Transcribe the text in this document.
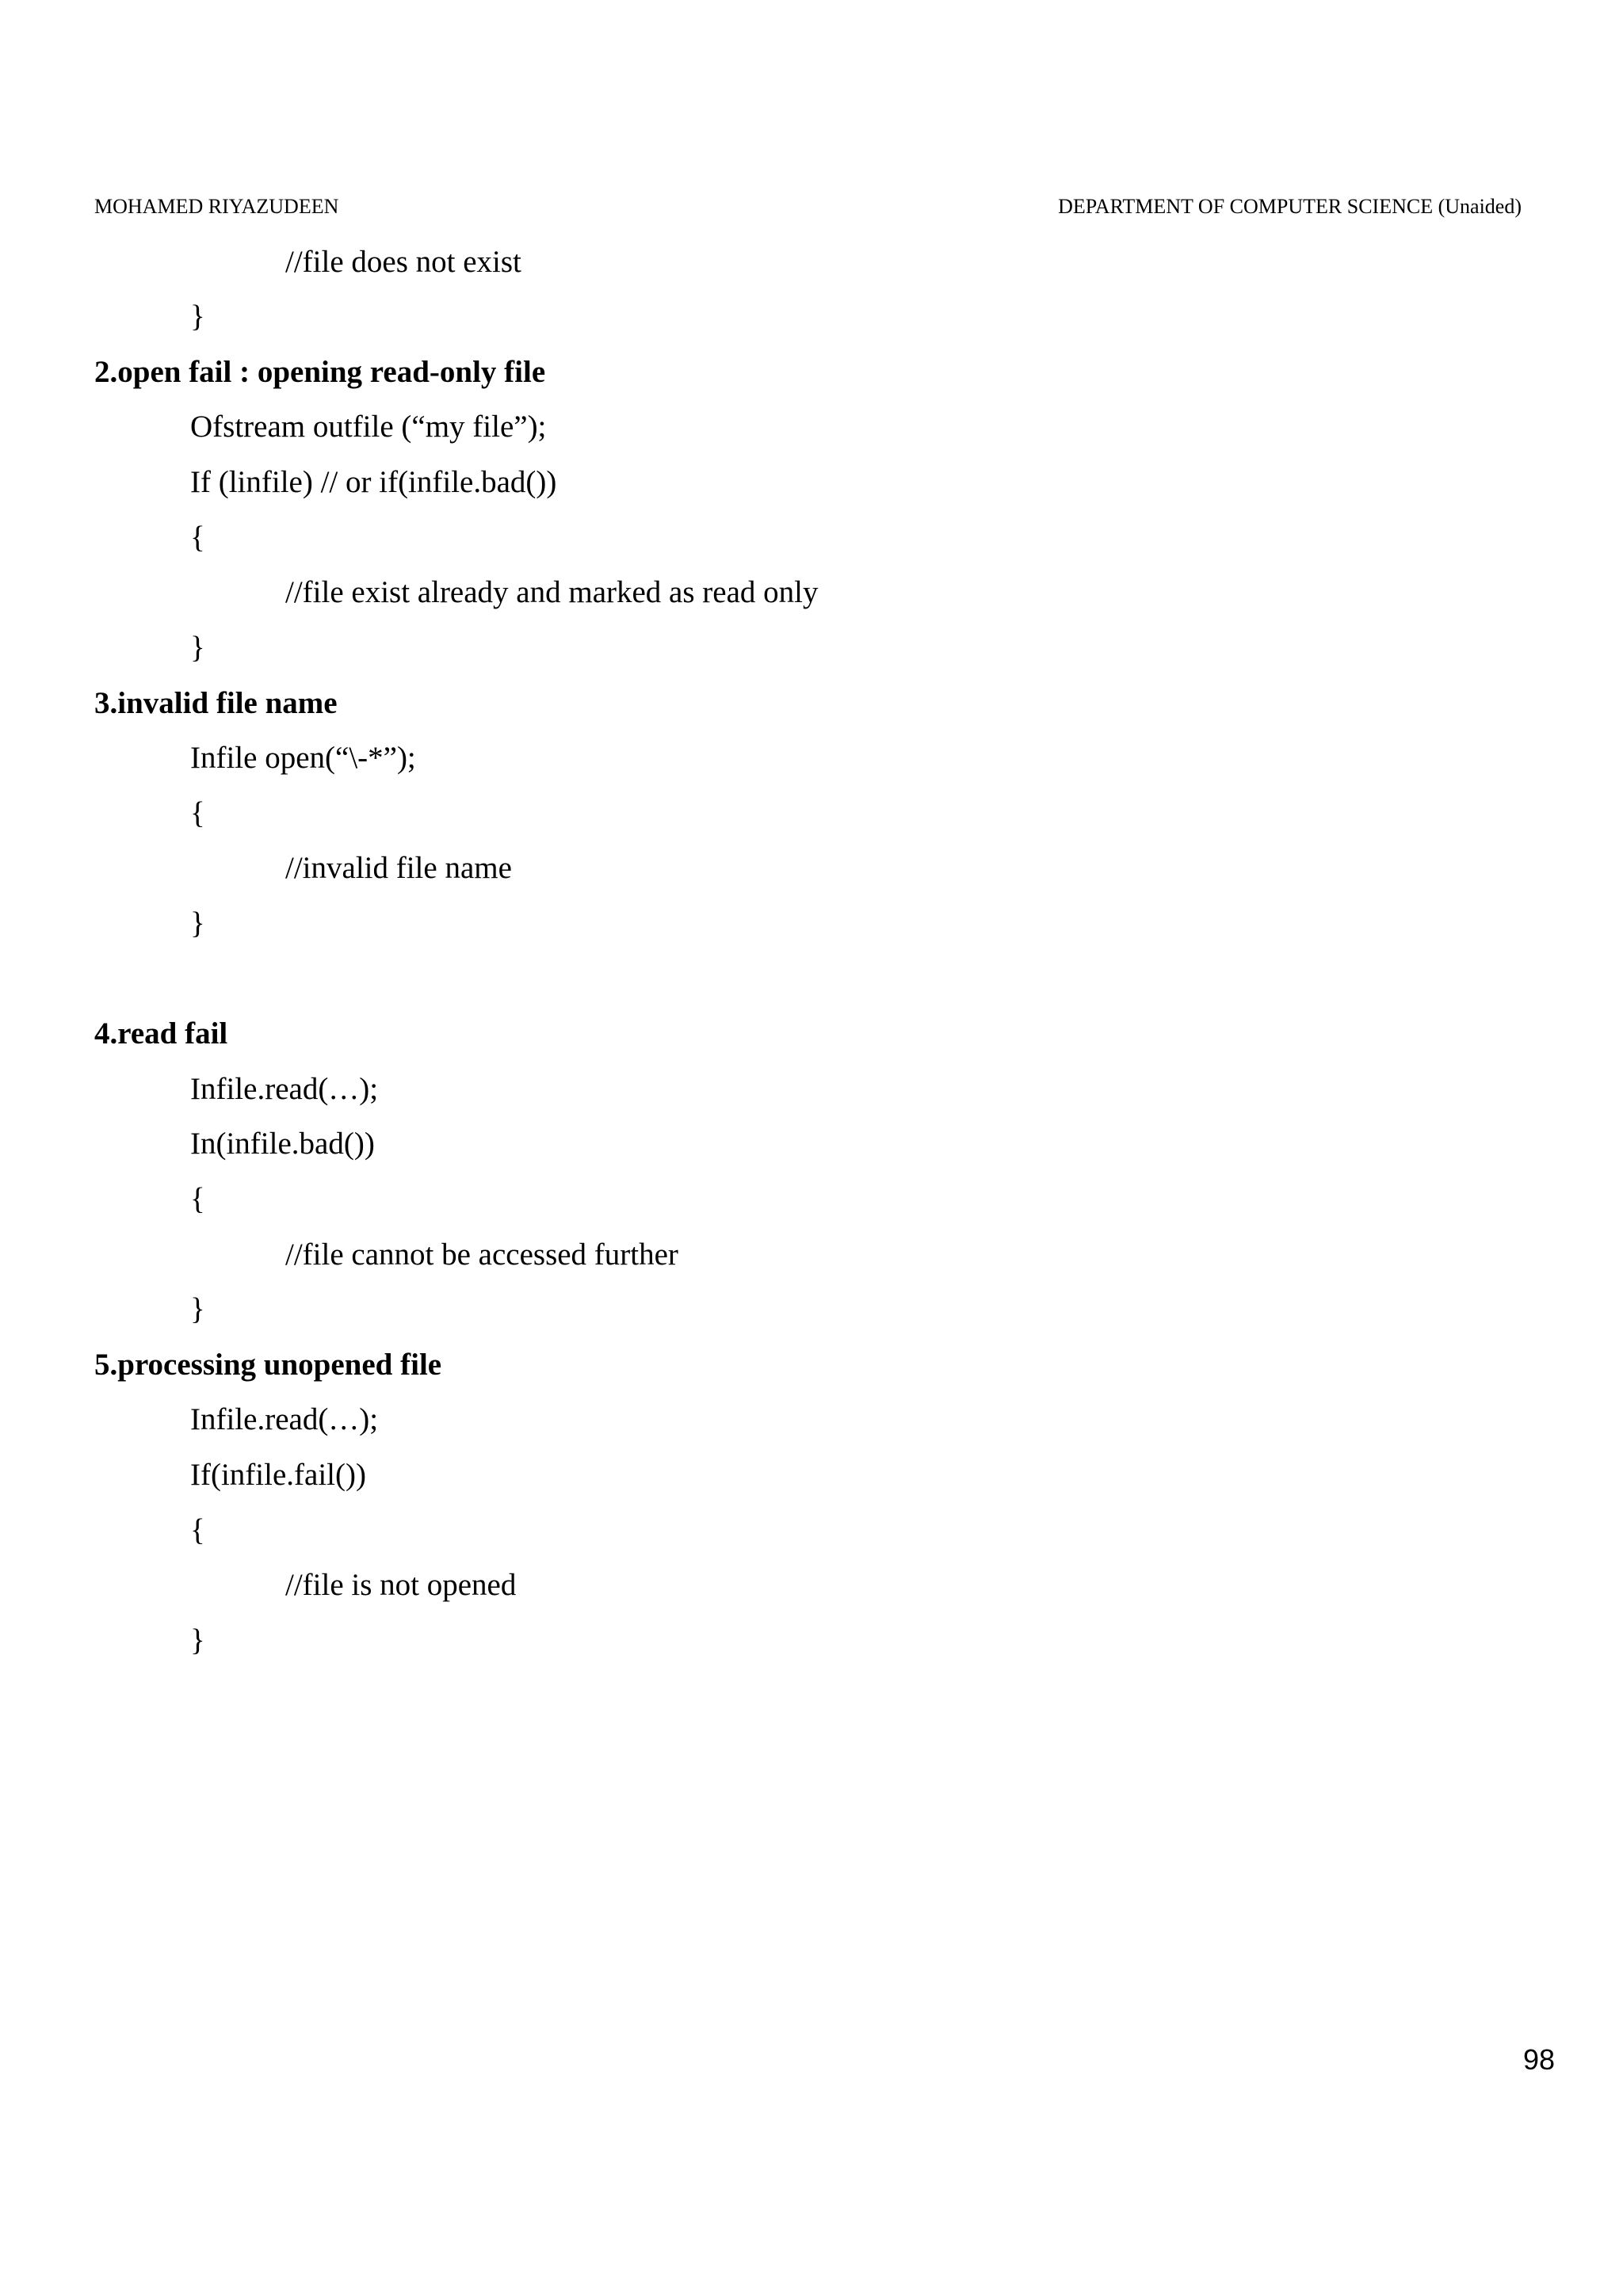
MOHAMED RIYAZUDEEN	DEPARTMENT OF COMPUTER SCIENCE (Unaided)
//file does not exist
}
2.open fail : opening read-only file
Ofstream outfile (“my file”);
If (linfile) // or if(infile.bad())
{
//file exist already and marked as read only
}
3.invalid file name
Infile open(“\-*”);
{
//invalid file name
}
4.read fail
Infile.read(…);
In(infile.bad())
{
//file cannot be accessed further
}
5.processing unopened file
Infile.read(…);
If(infile.fail())
{
//file is not opened
}
98
